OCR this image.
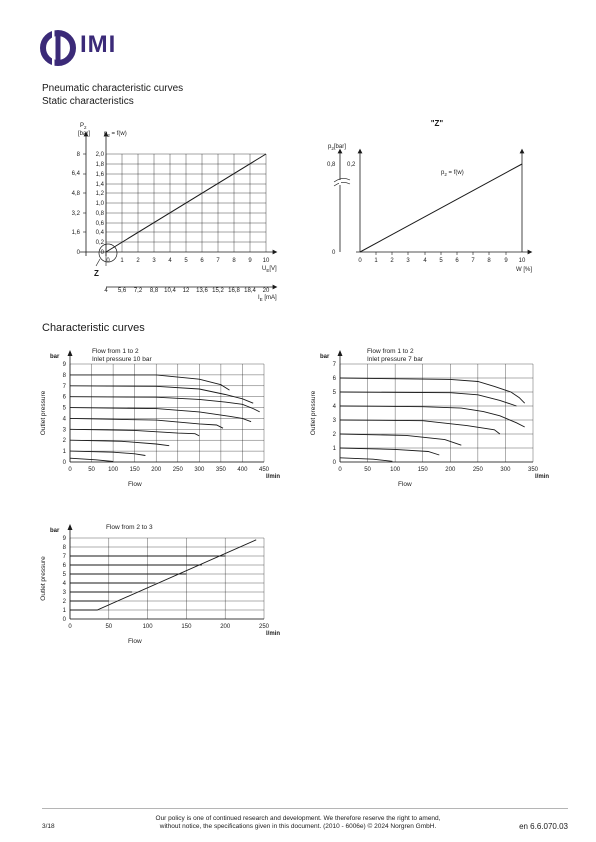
IMI
Pneumatic characteristic curves
Static characteristics
Characteristic curves
Z
$P_2$
[bar] $p_2 = f(w)$
8
6,4
4,8
3,2
1,6
0
2,0
1,8
1,6
1,4
1,2
1,0
0,8
0,6
0,4
0,2
0
0 1 2 3 4 5 6 7 8 9 10
$U_E[V]$
4 5,6 7,2 8,8 10,4 12 13,6 15,2 16,8 18,4 20
$I_E$ [mA]
"Z"
$p_2[bar]$
0,8 0,2
0
$p_2 = f(w)$
0 1 2 3 4 5 6 7 8 9 10
W [%]
0	50 100 150 200 250 300 350 400 450
0
1
2
3
4
5
6
7
8
9
bar
l/min
Flow
Outlet pressure
Flow from 1 to 2 Inlet pressure 10 bar
0	50	100	150	200	250	300	350
0
1
2
3
4
5
6
7
bar
l/min
Flow
Outlet pressure
Flow from 1 to 2 Inlet pressure 7 bar
0	50	100	150	200	250
0
1
2
3
4
5
6
7
8
9
bar
l/min
Flow
Outlet pressure
Flow from 2 to 3
3/18
Our policy is one of continued research and development. We therefore reserve the right to amend,
without notice, the specifications given in this document. (2010 - 6006e) © 2024 Norgren GmbH.	en 6.6.070.03
